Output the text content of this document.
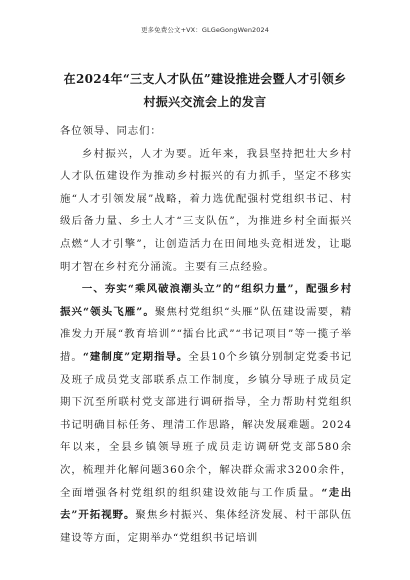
更多免费公文+VX：GLGeGongWen2024
在2024年“三支人才队伍”建设推进会暨人才引领乡村振兴交流会上的发言

各位领导、同志们：

乡村振兴，人才为要。近年来，我县坚持把壮大乡村人才队伍建设作为推动乡村振兴的有力抓手，坚定不移实施“人才引领发展”战略，着力选优配强村党组织书记、村级后备力量、乡土人才“三支队伍”，为推进乡村全面振兴点燃“人才引擎”，让创造活力在田间地头竞相迸发，让聪明才智在乡村充分涌流。主要有三点经验。

一、夯实“乘风破浪潮头立”的“组织力量”，配强乡村振兴“领头飞雁”。聚焦村党组织“头雁”队伍建设需要，精准发力开展“教育培训”“擂台比武”“书记项目”等一揽子举措。“建制度”定期指导。全县10个乡镇分别制定党委书记及班子成员党支部联系点工作制度，乡镇分导班子成员定期下沉至所联村党支部进行调研指导，全力帮助村党组织书记明确目标任务、理清工作思路，解决发展难题。2024年以来，全县乡镇领导班子成员走访调研党支部580余次，梳理并化解问题360余个，解决群众需求3200余件，全面增强各村党组织的组织建设效能与工作质量。“走出去”开拓视野。聚焦乡村振兴、集体经济发展、村干部队伍建设等方面，定期举办“党组织书记培训
